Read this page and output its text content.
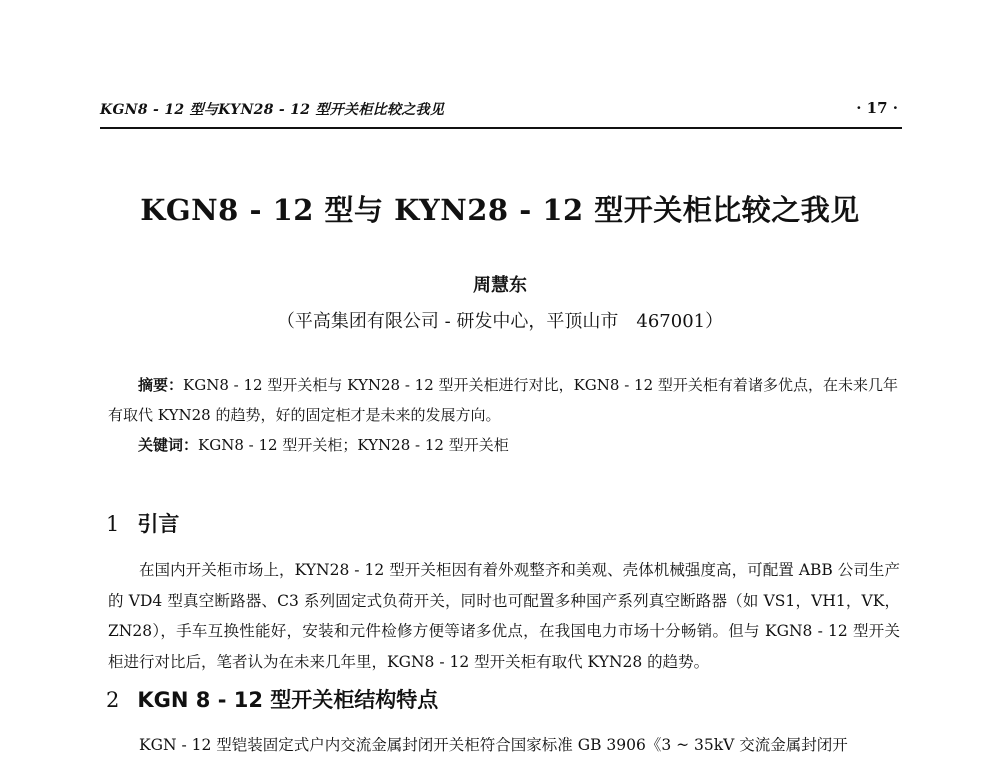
KGN8 - 12 型与KYN28 - 12 型开关柜比较之我见	· 17 ·
KGN8 - 12 型与 KYN28 - 12 型开关柜比较之我见
周慧东
（平高集团有限公司 - 研发中心，平顶山市　467001）

摘要：KGN8 - 12 型开关柜与 KYN28 - 12 型开关柜进行对比，KGN8 - 12 型开关柜有着诸多优点，在未来几年有取代 KYN28 的趋势，好的固定柜才是未来的发展方向。

关键词：KGN8 - 12 型开关柜；KYN28 - 12 型开关柜

1 引言

在国内开关柜市场上，KYN28 - 12 型开关柜因有着外观整齐和美观、壳体机械强度高，可配置 ABB 公司生产的 VD4 型真空断路器、C3 系列固定式负荷开关，同时也可配置多种国产系列真空断路器（如 VS1，VH1，VK，ZN28），手车互换性能好，安装和元件检修方便等诸多优点，在我国电力市场十分畅销。但与 KGN8 - 12 型开关柜进行对比后，笔者认为在未来几年里，KGN8 - 12 型开关柜有取代 KYN28 的趋势。

2 KGN 8 - 12 型开关柜结构特点

KGN - 12 型铠装固定式户内交流金属封闭开关柜符合国家标准 GB 3906《3 ~ 35kV 交流金属封闭开
